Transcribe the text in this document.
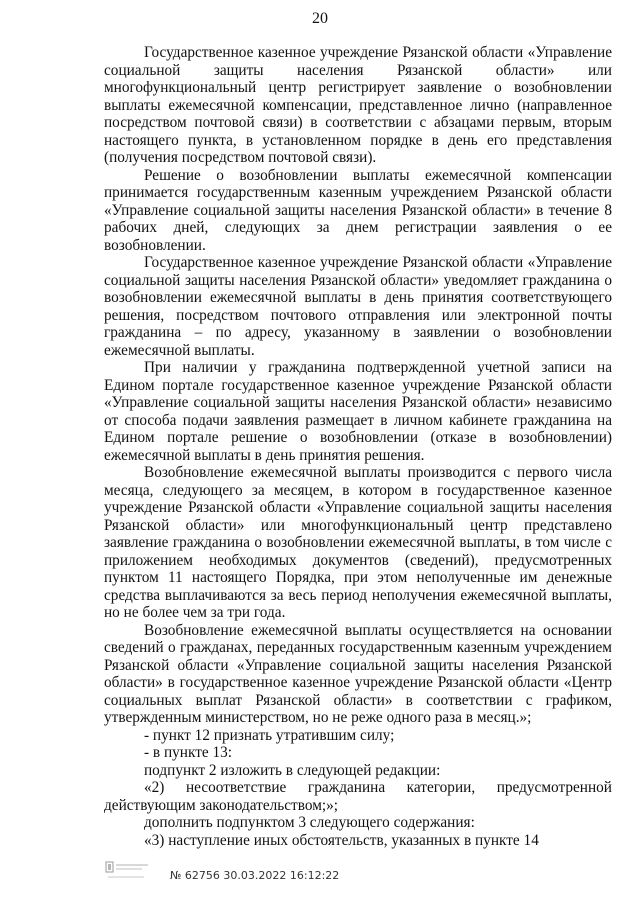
20

Государственное казенное учреждение Рязанской области «Управление социальной защиты населения Рязанской области» или многофункциональный центр регистрирует заявление о возобновлении выплаты ежемесячной компенсации, представленное лично (направленное посредством почтовой связи) в соответствии с абзацами первым, вторым настоящего пункта, в установленном порядке в день его представления (получения посредством почтовой связи).

Решение о возобновлении выплаты ежемесячной компенсации принимается государственным казенным учреждением Рязанской области «Управление социальной защиты населения Рязанской области» в течение 8 рабочих дней, следующих за днем регистрации заявления о ее возобновлении.

Государственное казенное учреждение Рязанской области «Управление социальной защиты населения Рязанской области» уведомляет гражданина о возобновлении ежемесячной выплаты в день принятия соответствующего решения, посредством почтового отправления или электронной почты гражданина – по адресу, указанному в заявлении о возобновлении ежемесячной выплаты.

При наличии у гражданина подтвержденной учетной записи на Едином портале государственное казенное учреждение Рязанской области «Управление социальной защиты населения Рязанской области» независимо от способа подачи заявления размещает в личном кабинете гражданина на Едином портале решение о возобновлении (отказе в возобновлении) ежемесячной выплаты в день принятия решения.

Возобновление ежемесячной выплаты производится с первого числа месяца, следующего за месяцем, в котором в государственное казенное учреждение Рязанской области «Управление социальной защиты населения Рязанской области» или многофункциональный центр представлено заявление гражданина о возобновлении ежемесячной выплаты, в том числе с приложением необходимых документов (сведений), предусмотренных пунктом 11 настоящего Порядка, при этом неполученные им денежные средства выплачиваются за весь период неполучения ежемесячной выплаты, но не более чем за три года.

Возобновление ежемесячной выплаты осуществляется на основании сведений о гражданах, переданных государственным казенным учреждением Рязанской области «Управление социальной защиты населения Рязанской области» в государственное казенное учреждение Рязанской области «Центр социальных выплат Рязанской области» в соответствии с графиком, утвержденным министерством, но не реже одного раза в месяц.»;

- пункт 12 признать утратившим силу;

- в пункте 13:

подпункт 2 изложить в следующей редакции:

«2) несоответствие гражданина категории, предусмотренной действующим законодательством;»;

дополнить подпунктом 3 следующего содержания:

«3) наступление иных обстоятельств, указанных в пункте 14

№ 62756 30.03.2022 16:12:22
